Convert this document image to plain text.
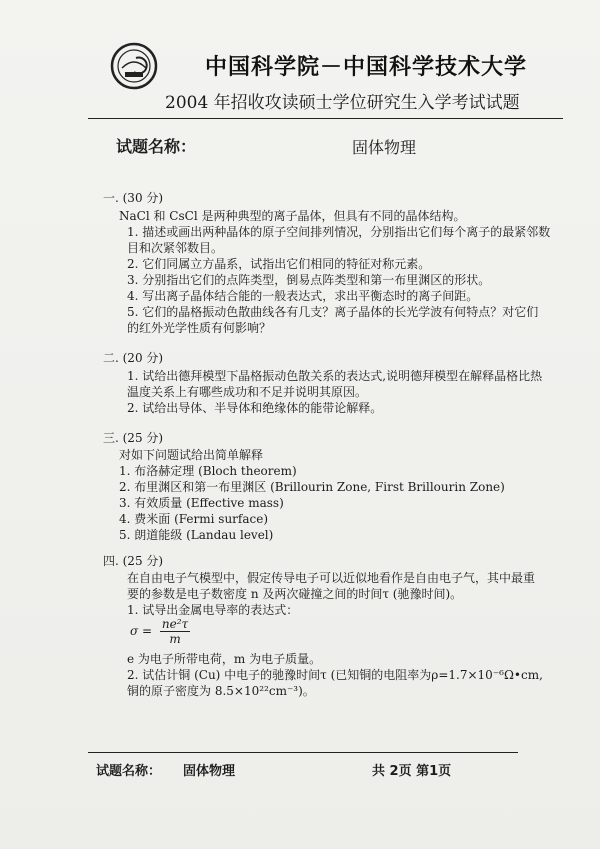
中国科学院－中国科学技术大学
2004 年招收攻读硕士学位研究生入学考试试题
试题名称：	固体物理
一. (30 分)
NaCl 和 CsCl 是两种典型的离子晶体，但具有不同的晶体结构。
1. 描述或画出两种晶体的原子空间排列情况，分别指出它们每个离子的最紧邻数
目和次紧邻数目。
2. 它们同属立方晶系，试指出它们相同的特征对称元素。
3. 分别指出它们的点阵类型，倒易点阵类型和第一布里渊区的形状。
4. 写出离子晶体结合能的一般表达式，求出平衡态时的离子间距。
5. 它们的晶格振动色散曲线各有几支？离子晶体的长光学波有何特点？对它们
的红外光学性质有何影响？
二. (20 分)
1. 试给出德拜模型下晶格振动色散关系的表达式,说明德拜模型在解释晶格比热
温度关系上有哪些成功和不足并说明其原因。
2. 试给出导体、半导体和绝缘体的能带论解释。
三. (25 分)
对如下问题试给出简单解释
1. 布洛赫定理 (Bloch theorem)
2. 布里渊区和第一布里渊区 (Brillourin Zone, First Brillourin Zone)
3. 有效质量 (Effective mass)
4. 费米面 (Fermi surface)
5. 朗道能级 (Landau level)
四. (25 分)
在自由电子气模型中，假定传导电子可以近似地看作是自由电子气，其中最重
要的参数是电子数密度 n 及两次碰撞之间的时间τ (驰豫时间)。
1. 试导出金属电导率的表达式：
$\sigma = \frac{\text{ne²τ}}{m}$
e 为电子所带电荷，m 为电子质量。
2. 试估计铜 (Cu) 中电子的驰豫时间τ (已知铜的电阻率为ρ=1.7×10⁻⁶Ω•cm,
铜的原子密度为 8.5×10²²cm⁻³)。
试题名称： 固体物理	共 2页 第1页
